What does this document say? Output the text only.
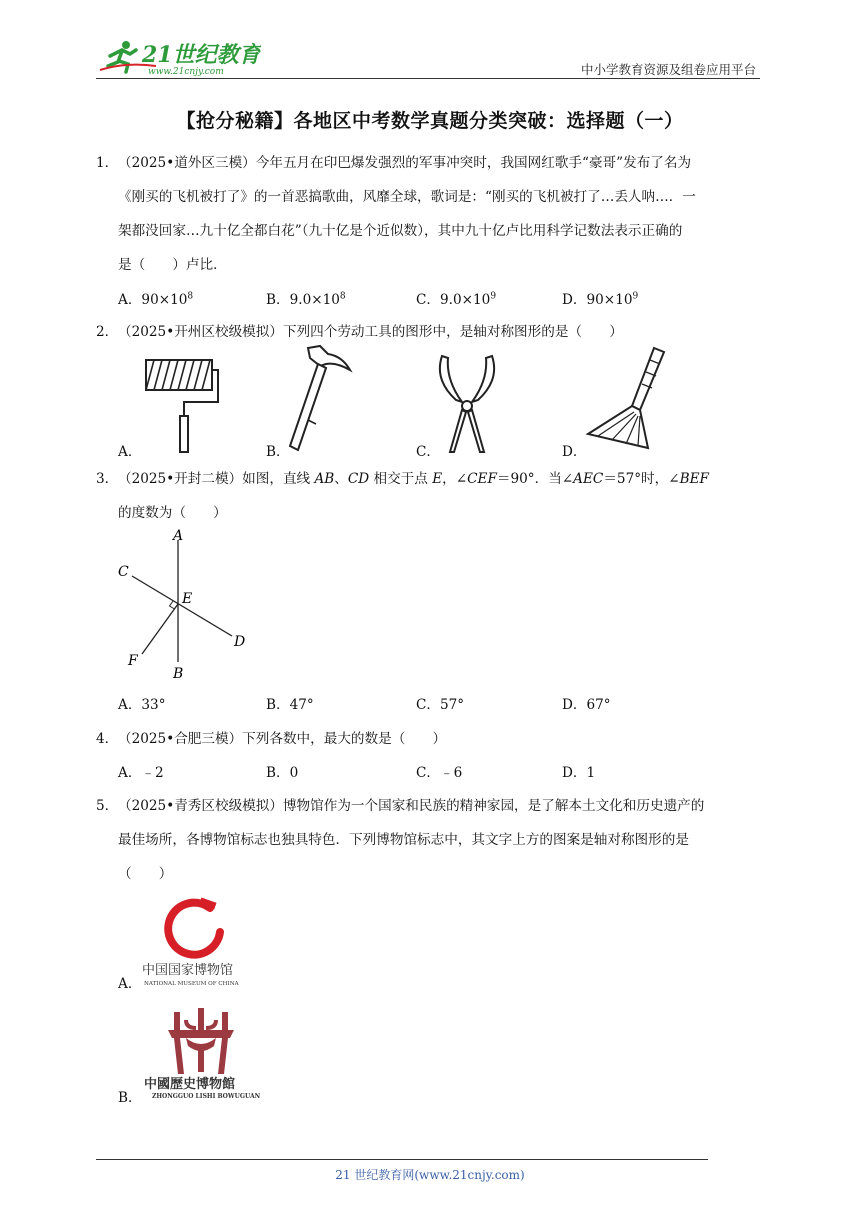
21世纪教育
www.21cnjy.com	中小学教育资源及组卷应用平台
【抢分秘籍】各地区中考数学真题分类突破：选择题（一）
1． （2025•道外区三模）今年五月在印巴爆发强烈的军事冲突时，我国网红歌手“豪哥”发布了名为
《刚买的飞机被打了》的一首恶搞歌曲，风靡全球，歌词是：“刚买的飞机被打了…丢人呐…．一
架都没回家…九十亿全都白花”（九十亿是个近似数），其中九十亿卢比用科学记数法表示正确的
是（　　）卢比．
A．$90\times 10^8$	B．$9.0\times 10^8$	C．$9.0\times 10^9$	D．$90\times 10^9$
2． （2025•开州区校级模拟）下列四个劳动工具的图形中，是轴对称图形的是（　　）
A．	B．	C．	D．
3． （2025•开封二模）如图，直线 AB、CD 相交于点 E，∠CEF＝90°．当∠AEC＝57°时，∠BEF
的度数为（　　）
A
C
E
D
F
B
A．33°	B．47°	C．57°	D．67°
4． （2025•合肥三模）下列各数中，最大的数是（　　）
A．﹣2	B．0	C．﹣6	D．1
5． （2025•青秀区校级模拟）博物馆作为一个国家和民族的精神家园，是了解本土文化和历史遗产的
最佳场所，各博物馆标志也独具特色．下列博物馆标志中，其文字上方的图案是轴对称图形的是
（　　）
中国国家博物馆
NATIONAL MUSEUM OF CHINA
A．
中國歷史博物館
ZHONGGUO LISHI BOWUGUAN
B．
21 世纪教育网(www.21cnjy.com)
